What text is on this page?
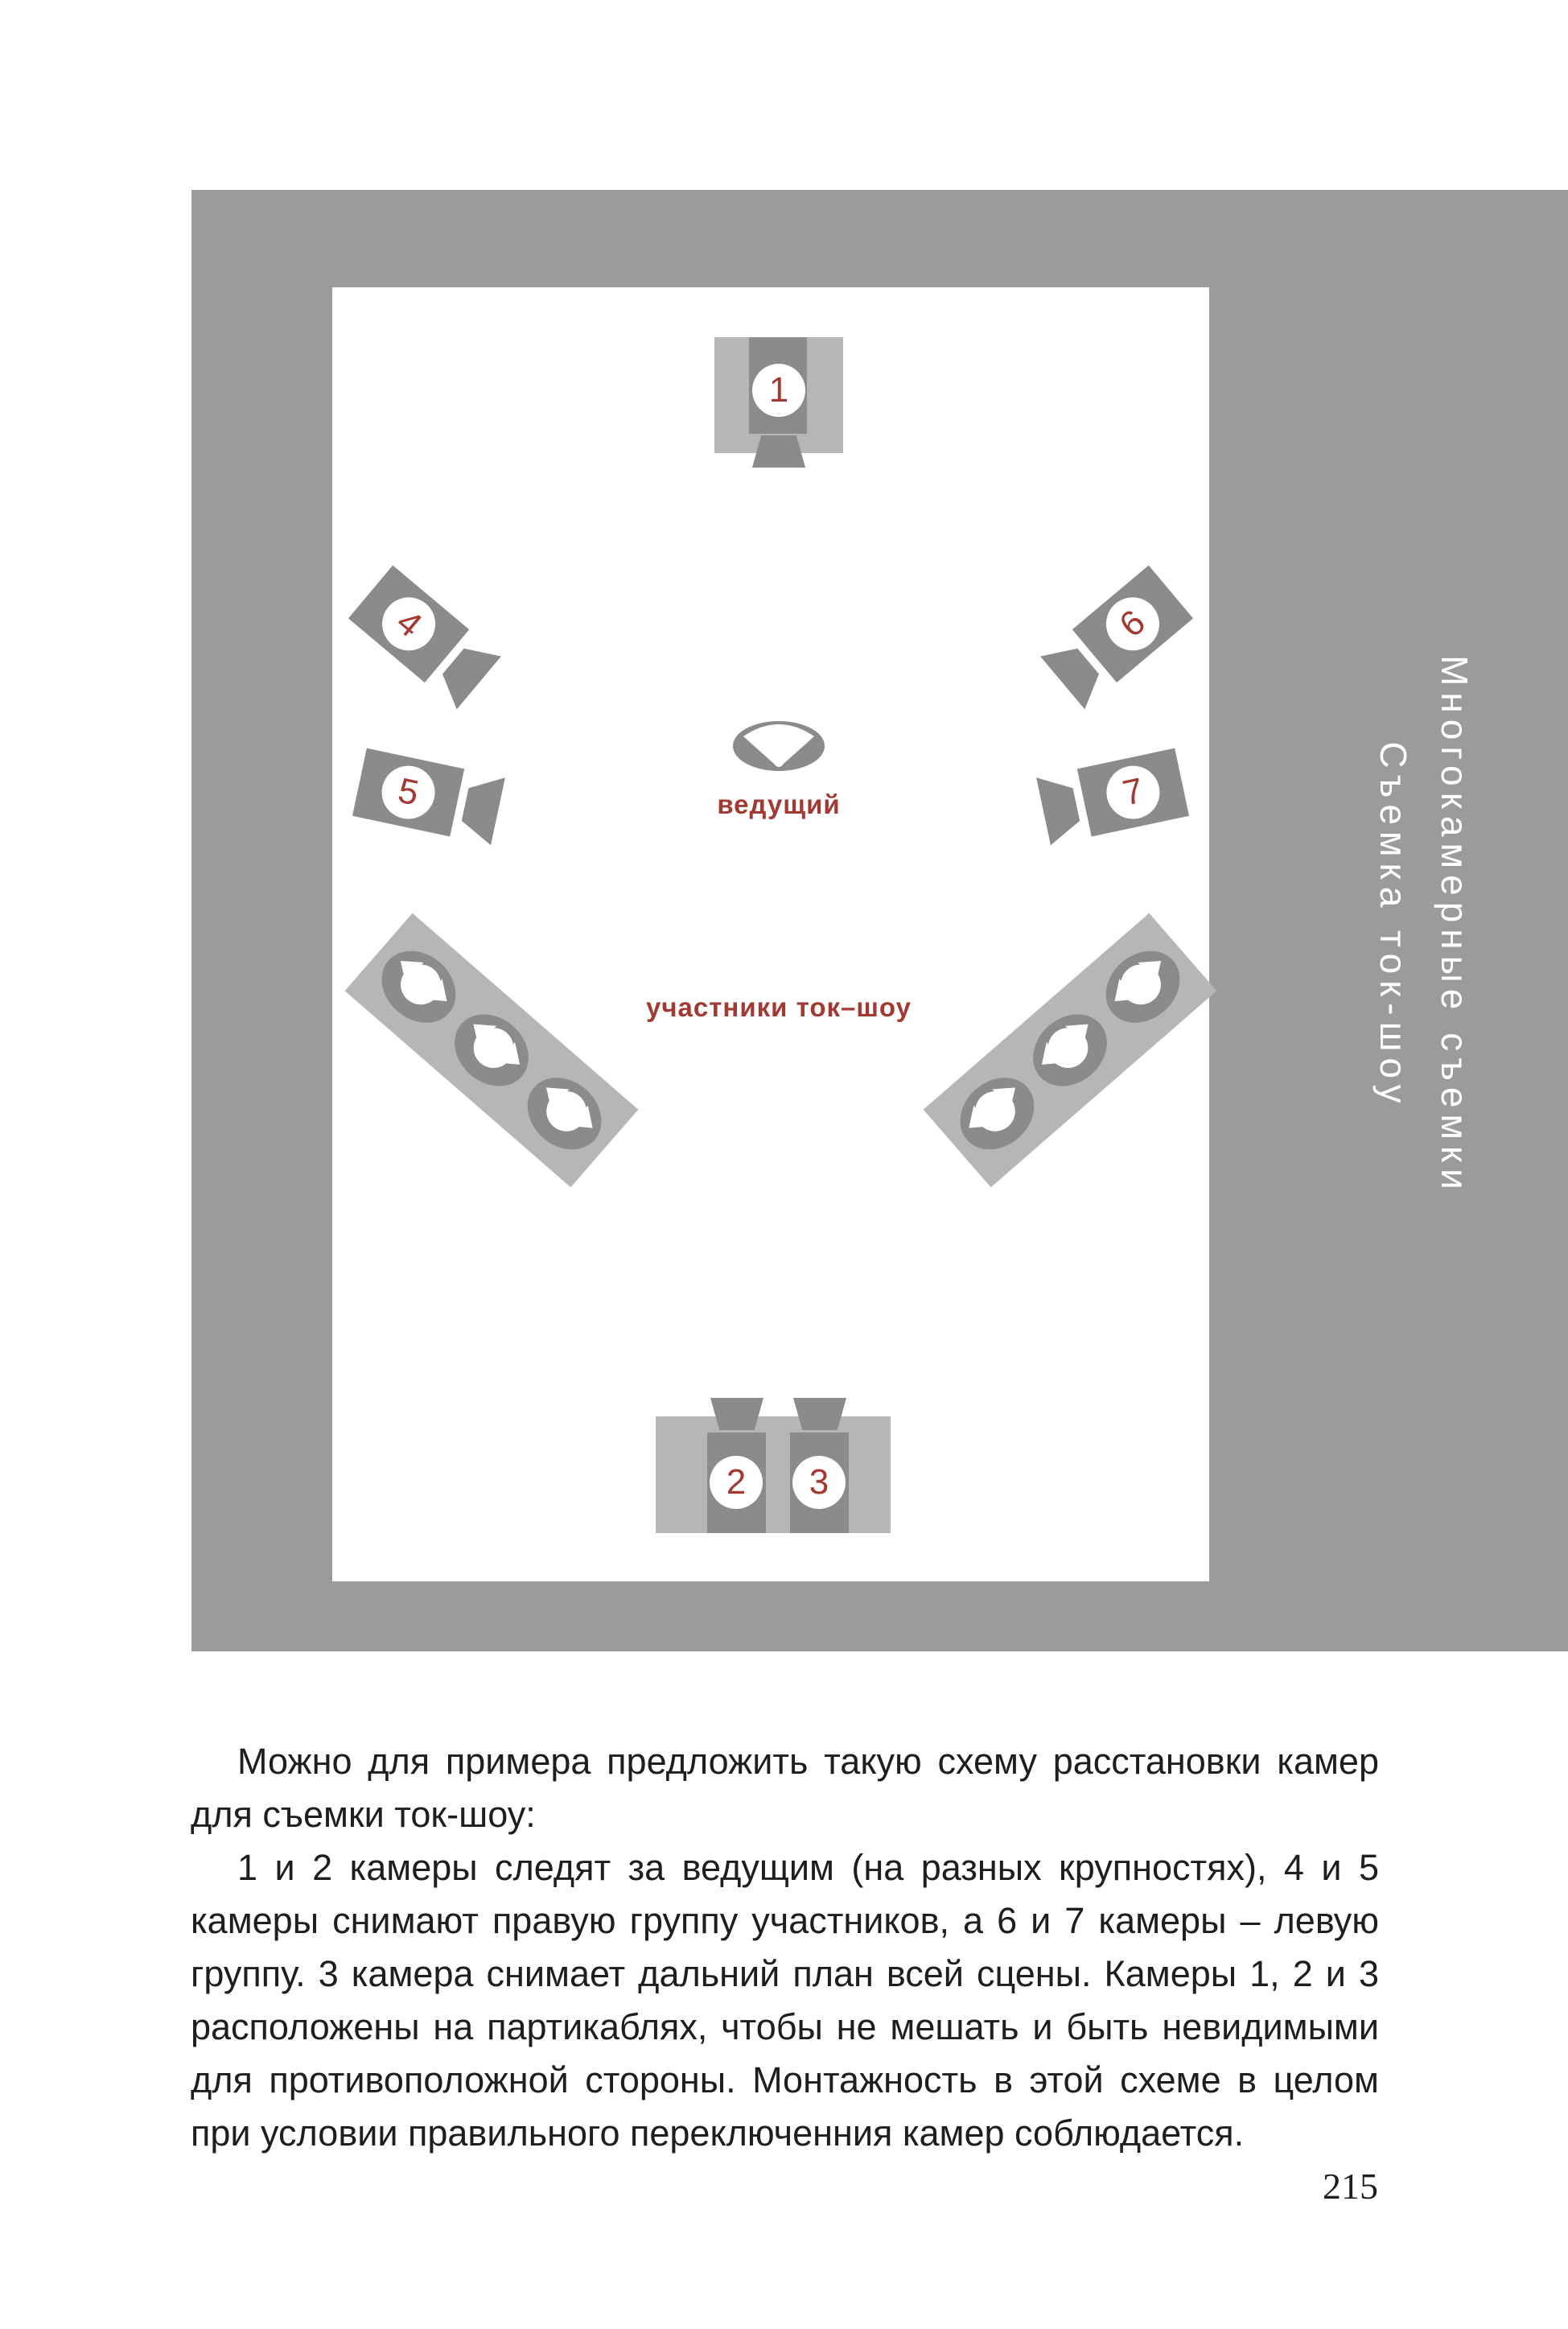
Многокамерные съемки
Съемка ток-шоу
1
2	3
4
5
6
7
ведущий
участники ток–шоу

Можно для примера предложить такую схему расстановки камер для съемки ток-шоу:

1 и 2 камеры следят за ведущим (на разных крупностях), 4 и 5 камеры снимают правую группу участников, а 6 и 7 камеры – левую группу. 3 камера снимает дальний план всей сцены. Камеры 1, 2 и 3 расположены на партикаблях, чтобы не мешать и быть невидимыми для противоположной стороны. Монтажность в этой схеме в целом при условии правильного переключенния камер соблюдается.

215
